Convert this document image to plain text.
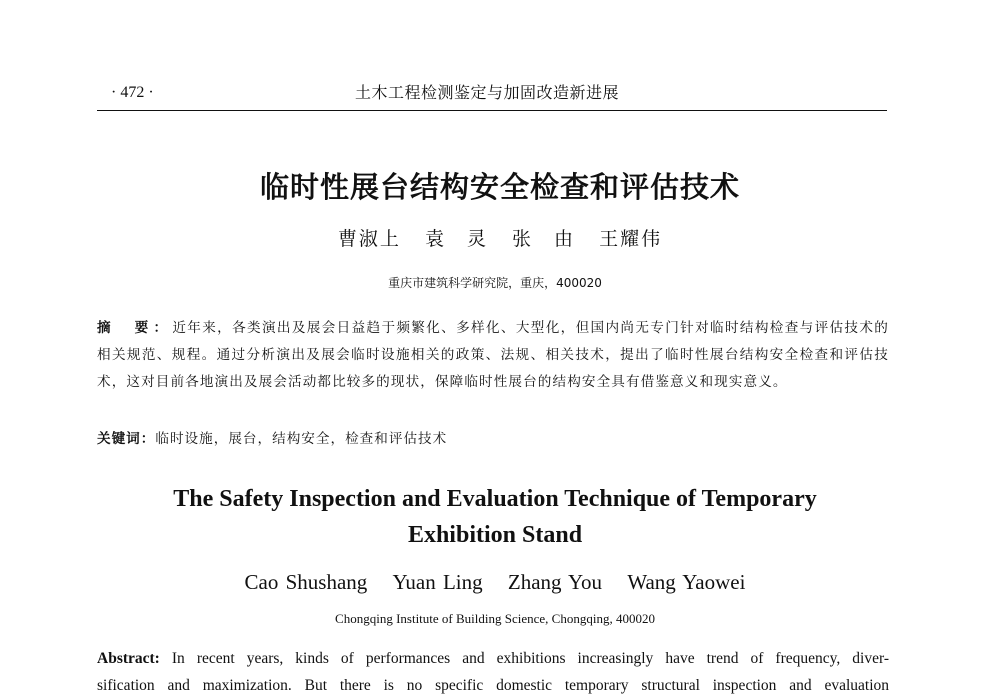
· 472 ·	土木工程检测鉴定与加固改造新进展
临时性展台结构安全检查和评估技术
曹淑上 袁　灵 张　由 王耀伟
重庆市建筑科学研究院，重庆，400020
摘　要：近年来，各类演出及展会日益趋于频繁化、多样化、大型化，但国内尚无专门针对临时结构检查与评估技术的相关规范、规程。通过分析演出及展会临时设施相关的政策、法规、相关技术，提出了临时性展台结构安全检查和评估技术，这对目前各地演出及展会活动都比较多的现状，保障临时性展台的结构安全具有借鉴意义和现实意义。
关键词：临时设施，展台，结构安全，检查和评估技术
The Safety Inspection and Evaluation Technique of Temporary
Exhibition Stand
Cao Shushang Yuan Ling Zhang You Wang Yaowei
Chongqing Institute of Building Science, Chongqing, 400020
Abstract: In recent years, kinds of performances and exhibitions increasingly have trend of frequency, diver-
sification and maximization. But there is no specific domestic temporary structural inspection and evaluation
